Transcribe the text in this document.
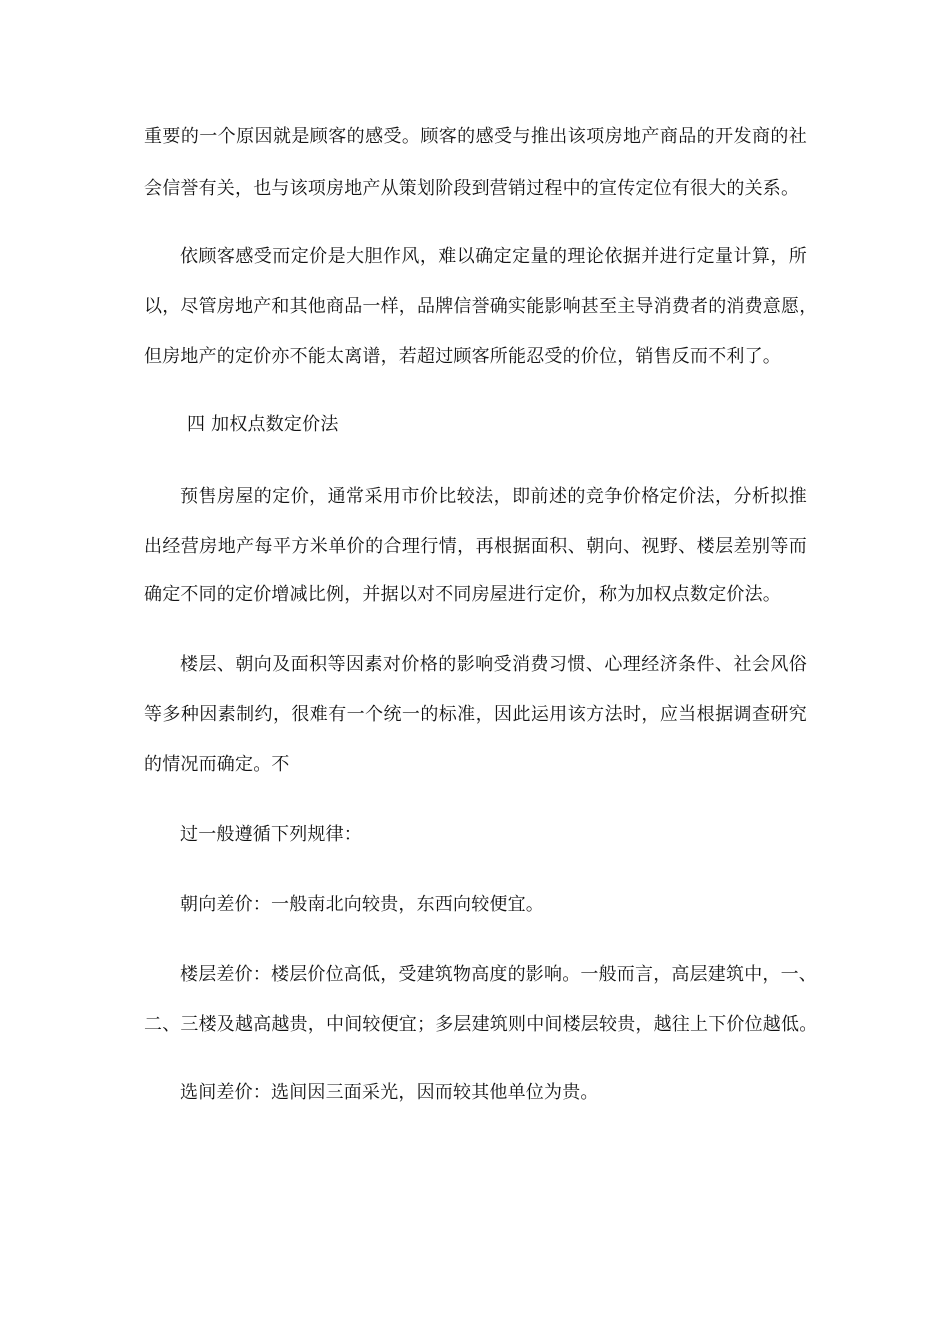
重要的一个原因就是顾客的感受。顾客的感受与推出该项房地产商品的开发商的社
会信誉有关，也与该项房地产从策划阶段到营销过程中的宣传定位有很大的关系。
依顾客感受而定价是大胆作风，难以确定定量的理论依据并进行定量计算，所
以，尽管房地产和其他商品一样，品牌信誉确实能影响甚至主导消费者的消费意愿，
但房地产的定价亦不能太离谱，若超过顾客所能忍受的价位，销售反而不利了。
四 加权点数定价法
预售房屋的定价，通常采用市价比较法，即前述的竞争价格定价法，分析拟推
出经营房地产每平方米单价的合理行情，再根据面积、朝向、视野、楼层差别等而
确定不同的定价增减比例，并据以对不同房屋进行定价，称为加权点数定价法。
楼层、朝向及面积等因素对价格的影响受消费习惯、心理经济条件、社会风俗
等多种因素制约，很难有一个统一的标准，因此运用该方法时，应当根据调查研究
的情况而确定。不
过一般遵循下列规律：
朝向差价：一般南北向较贵，东西向较便宜。
楼层差价：楼层价位高低，受建筑物高度的影响。一般而言，高层建筑中，一、
二、三楼及越高越贵，中间较便宜；多层建筑则中间楼层较贵，越往上下价位越低。
选间差价：选间因三面采光，因而较其他单位为贵。
